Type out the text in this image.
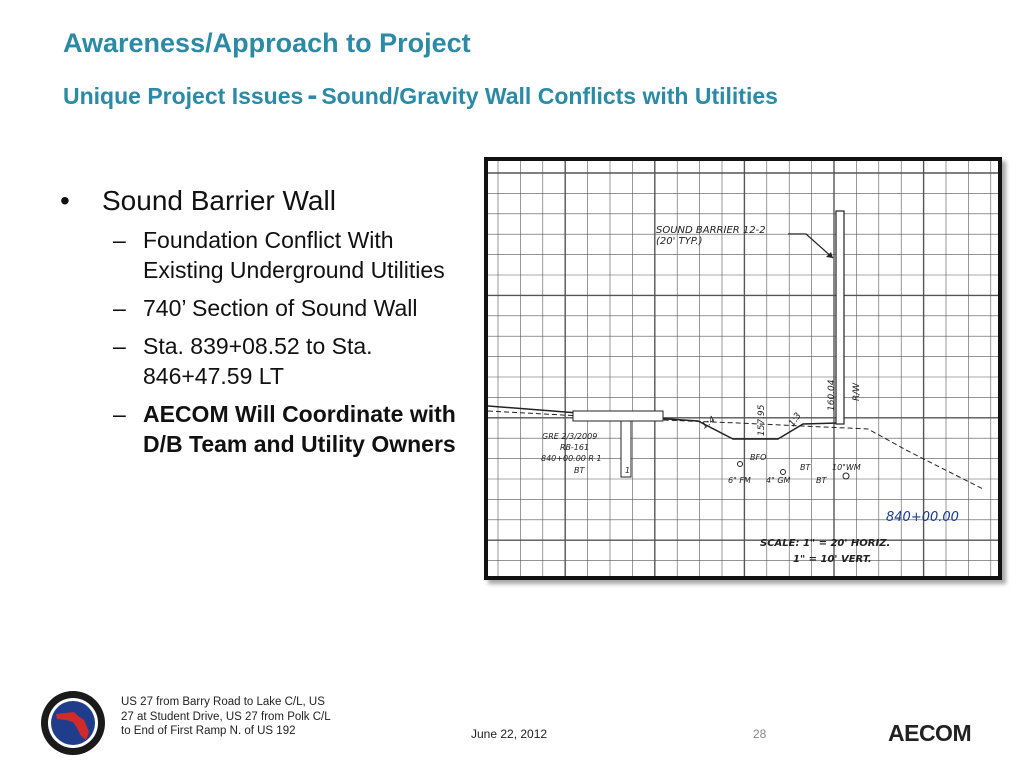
Awareness/Approach to Project
Unique Project Issues - Sound/Gravity Wall Conflicts with Utilities
•	Sound Barrier Wall
– Foundation Conflict With Existing Underground Utilities
– 740’ Section of Sound Wall
– Sta. 839+08.52 to Sta. 846+47.59 LT
– AECOM Will Coordinate with D/B Team and Utility Owners
SOUND BARRIER 12-2
(20' TYP.)
GRE 2/3/2009
RB-161
840+00.00 R 1
BT	1
1:4	1:3
157.95
160.04 R/W
BFO
BT	10"WM
6" FM 4" GM	BT
SCALE: 1" = 20' HORIZ.
1" = 10' VERT.
840+00.00
US 27 from Barry Road to Lake C/L, US 27 at Student Drive, US 27 from Polk C/L to End of First Ramp N. of US 192	June 22, 2012	28	AECOM
